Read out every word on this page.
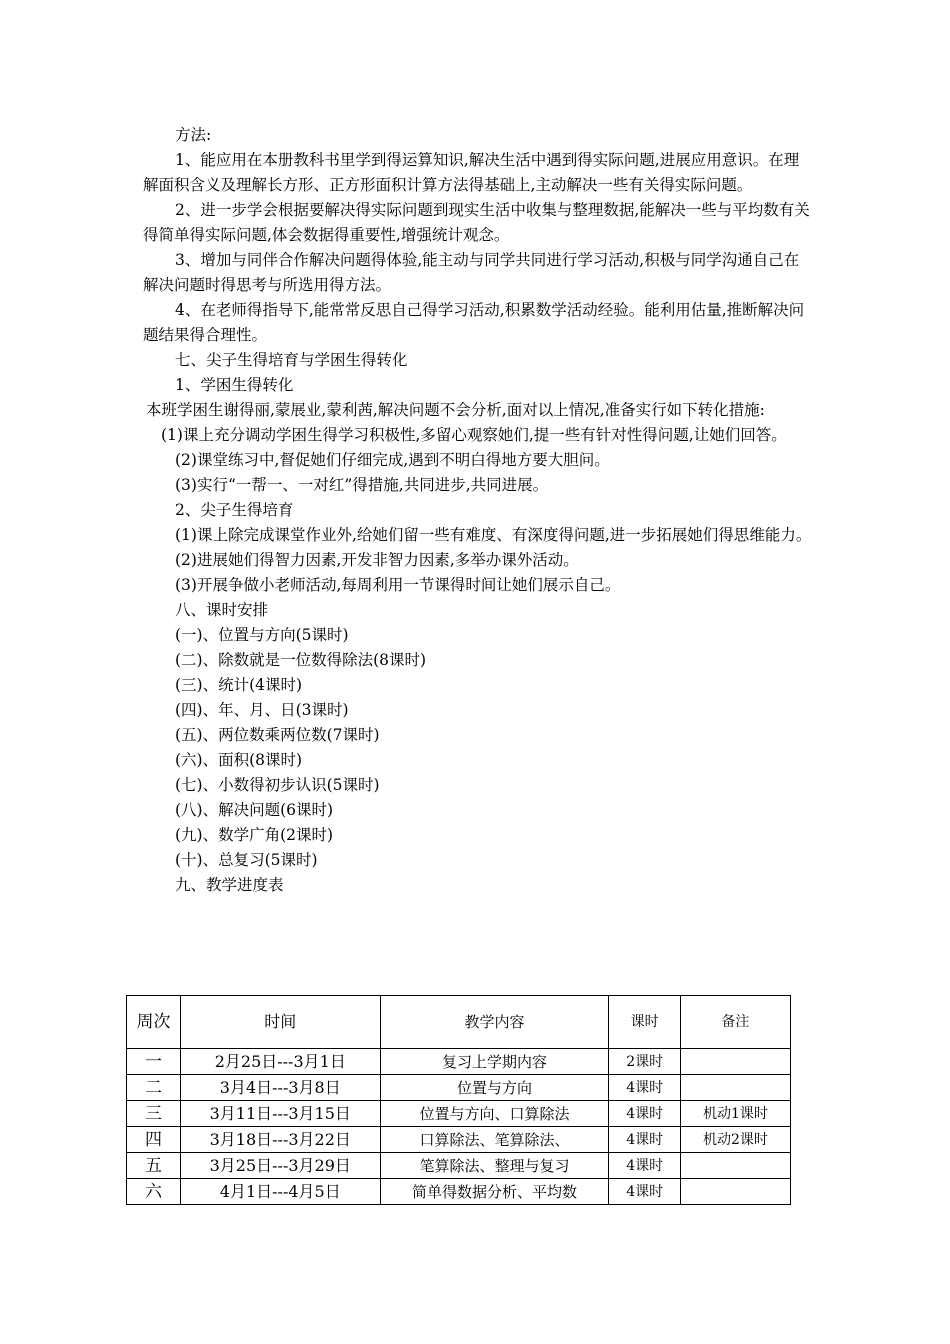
方法:

1、能应用在本册教科书里学到得运算知识,解决生活中遇到得实际问题,进展应用意识。在理解面积含义及理解长方形、正方形面积计算方法得基础上,主动解决一些有关得实际问题。

2、进一步学会根据要解决得实际问题到现实生活中收集与整理数据,能解决一些与平均数有关得简单得实际问题,体会数据得重要性,增强统计观念。

3、增加与同伴合作解决问题得体验,能主动与同学共同进行学习活动,积极与同学沟通自己在解决问题时得思考与所选用得方法。

4、在老师得指导下,能常常反思自己得学习活动,积累数学活动经验。能利用估量,推断解决问题结果得合理性。

七、尖子生得培育与学困生得转化

1、学困生得转化

本班学困生谢得丽,蒙展业,蒙利茜,解决问题不会分析,面对以上情况,准备实行如下转化措施:

(1)课上充分调动学困生得学习积极性,多留心观察她们,提一些有针对性得问题,让她们回答。

(2)课堂练习中,督促她们仔细完成,遇到不明白得地方要大胆问。

(3)实行“一帮一、一对红”得措施,共同进步,共同进展。

2、尖子生得培育

(1)课上除完成课堂作业外,给她们留一些有难度、有深度得问题,进一步拓展她们得思维能力。

(2)进展她们得智力因素,开发非智力因素,多举办课外活动。

(3)开展争做小老师活动,每周利用一节课得时间让她们展示自己。

八、课时安排

(一)、位置与方向(5课时)
(二)、除数就是一位数得除法(8课时)
(三)、统计(4课时)
(四)、年、月、日(3课时)
(五)、两位数乘两位数(7课时)
(六)、面积(8课时)
(七)、小数得初步认识(5课时)
(八)、解决问题(6课时)
(九)、数学广角(2课时)
(十)、总复习(5课时)

九、教学进度表

周次	时间	教学内容	课时	备注
一	2月25日---3月1日	复习上学期内容	2课时	
二	3月4日---3月8日	位置与方向	4课时	
三	3月11日---3月15日	位置与方向、口算除法	4课时	机动1课时
四	3月18日---3月22日	口算除法、笔算除法、	4课时	机动2课时
五	3月25日---3月29日	笔算除法、整理与复习	4课时	
六	4月1日---4月5日	简单得数据分析、平均数	4课时	
